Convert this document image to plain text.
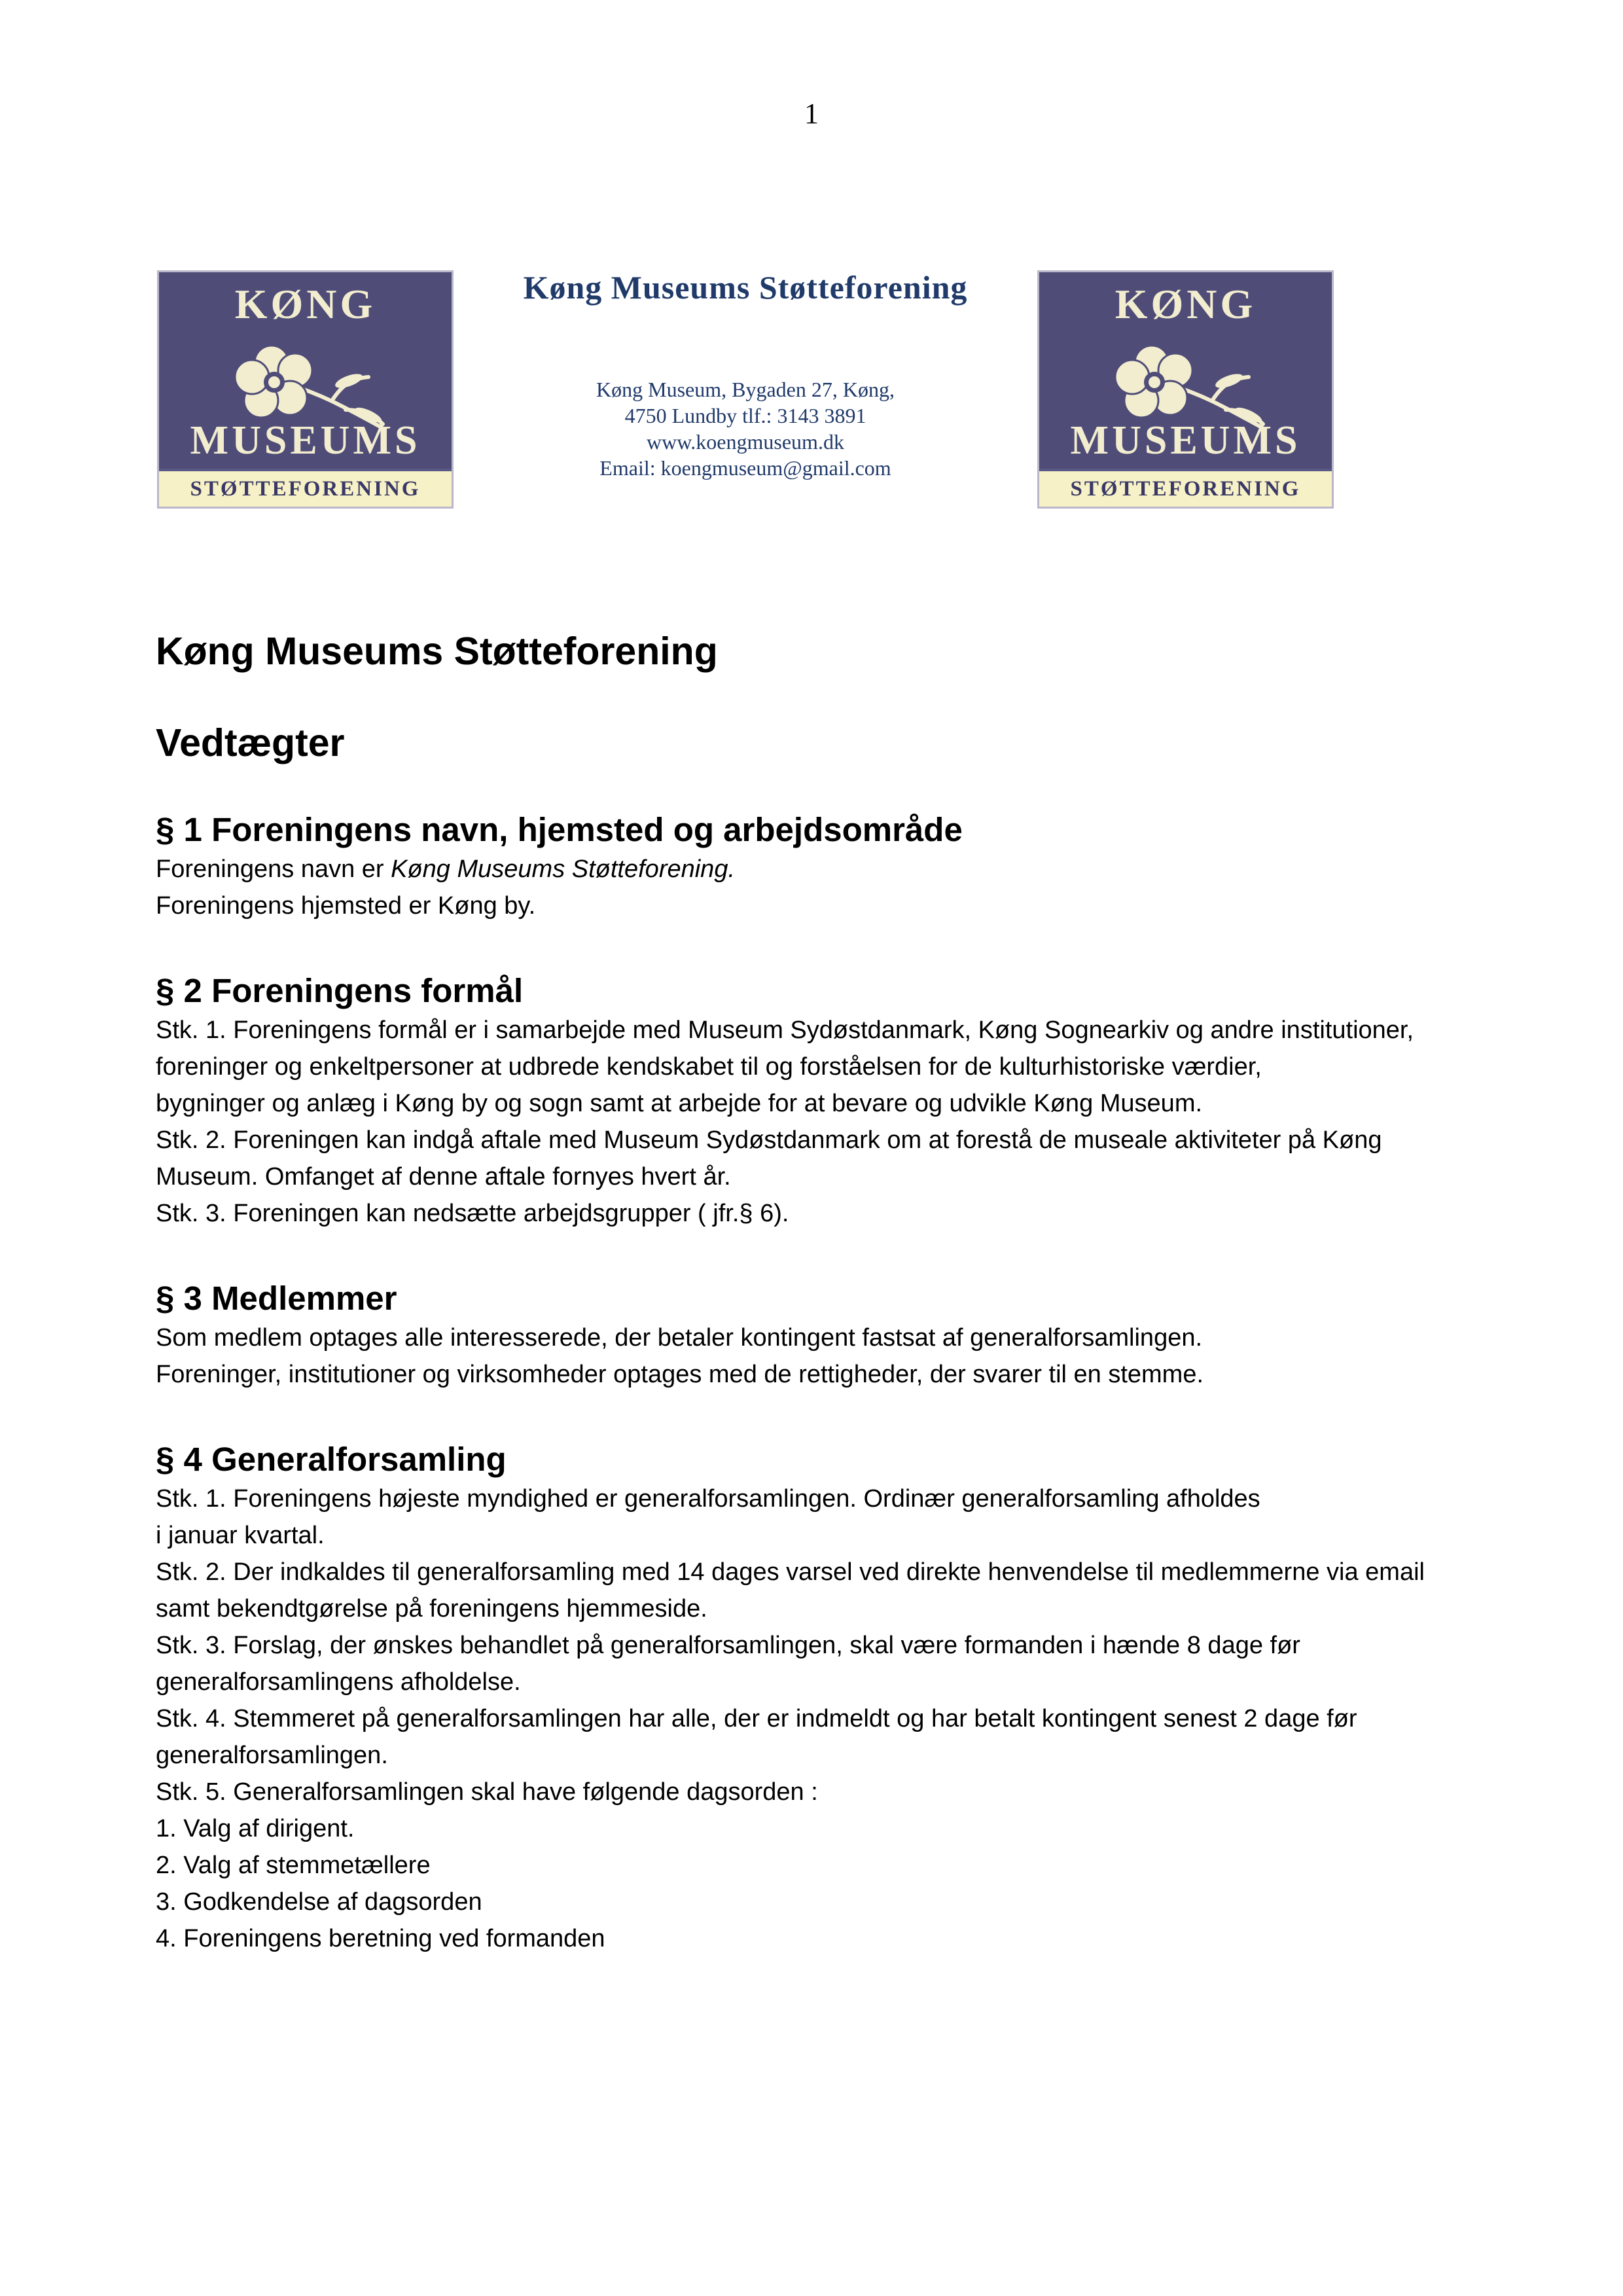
1
KØNG
MUSEUMS
STØTTEFORENING
Køng Museums Støtteforening
Køng Museum, Bygaden 27, Køng,
4750 Lundby tlf.: 3143 3891
www.koengmuseum.dk
Email: koengmuseum@gmail.com
KØNG
MUSEUMS
STØTTEFORENING
Køng Museums Støtteforening
Vedtægter
§ 1 Foreningens navn, hjemsted og arbejdsområde

Foreningens navn er Køng Museums Støtteforening.

Foreningens hjemsted er Køng by.

§ 2 Foreningens formål

Stk. 1. Foreningens formål er i samarbejde med Museum Sydøstdanmark, Køng Sognearkiv og andre institutioner, foreninger og enkeltpersoner at udbrede kendskabet til og forståelsen for de kulturhistoriske værdier,

bygninger og anlæg i Køng by og sogn samt at arbejde for at bevare og udvikle Køng Museum.

Stk. 2. Foreningen kan indgå aftale med Museum Sydøstdanmark om at forestå de museale aktiviteter på Køng Museum. Omfanget af denne aftale fornyes hvert år.

Stk. 3. Foreningen kan nedsætte arbejdsgrupper ( jfr.§ 6).

§ 3 Medlemmer

Som medlem optages alle interesserede, der betaler kontingent fastsat af generalforsamlingen.

Foreninger, institutioner og virksomheder optages med de rettigheder, der svarer til en stemme.

§ 4 Generalforsamling

Stk. 1. Foreningens højeste myndighed er generalforsamlingen. Ordinær generalforsamling afholdes

i januar kvartal.

Stk. 2. Der indkaldes til generalforsamling med 14 dages varsel ved direkte henvendelse til medlemmerne via email samt bekendtgørelse på foreningens hjemmeside.

Stk. 3. Forslag, der ønskes behandlet på generalforsamlingen, skal være formanden i hænde 8 dage før generalforsamlingens afholdelse.

Stk. 4. Stemmeret på generalforsamlingen har alle, der er indmeldt og har betalt kontingent senest 2 dage før generalforsamlingen.

Stk. 5. Generalforsamlingen skal have følgende dagsorden :

1. Valg af dirigent.

2. Valg af stemmetællere

3. Godkendelse af dagsorden

4. Foreningens beretning ved formanden
